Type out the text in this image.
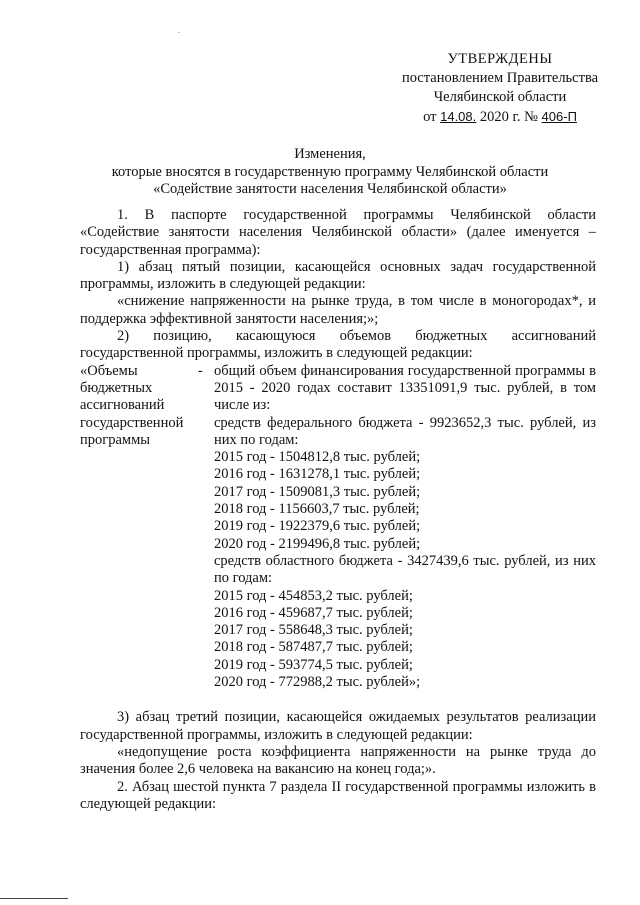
УТВЕРЖДЕНЫ
постановлением Правительства
Челябинской области
от 14.08. 2020 г. № 406-П
Изменения,
которые вносятся в государственную программу Челябинской области
«Содействие занятости населения Челябинской области»

1. В паспорте государственной программы Челябинской области «Содействие занятости населения Челябинской области» (далее именуется – государственная программа):

1) абзац пятый позиции, касающейся основных задач государственной программы, изложить в следующей редакции:

«снижение напряженности на рынке труда, в том числе в моногородах*, и поддержка эффективной занятости населения;»;

2) позицию, касающуюся объемов бюджетных ассигнований государственной программы, изложить в следующей редакции:

«Объемы
бюджетных
ассигнований
государственной
программы
- общий объем финансирования государственной программы в 2015 - 2020 годах составит 13351091,9 тыс. рублей, в том числе из:

средств федерального бюджета - 9923652,3 тыс. рублей, из них по годам:

2015 год - 1504812,8 тыс. рублей;

2016 год - 1631278,1 тыс. рублей;

2017 год - 1509081,3 тыс. рублей;

2018 год - 1156603,7 тыс. рублей;

2019 год - 1922379,6 тыс. рублей;

2020 год - 2199496,8 тыс. рублей;

средств областного бюджета - 3427439,6 тыс. рублей, из них по годам:

2015 год - 454853,2 тыс. рублей;

2016 год - 459687,7 тыс. рублей;

2017 год - 558648,3 тыс. рублей;

2018 год - 587487,7 тыс. рублей;

2019 год - 593774,5 тыс. рублей;

2020 год - 772988,2 тыс. рублей»;

3) абзац третий позиции, касающейся ожидаемых результатов реализации государственной программы, изложить в следующей редакции:

«недопущение роста коэффициента напряженности на рынке труда до значения более 2,6 человека на вакансию на конец года;».

2. Абзац шестой пункта 7 раздела II государственной программы изложить в следующей редакции:
